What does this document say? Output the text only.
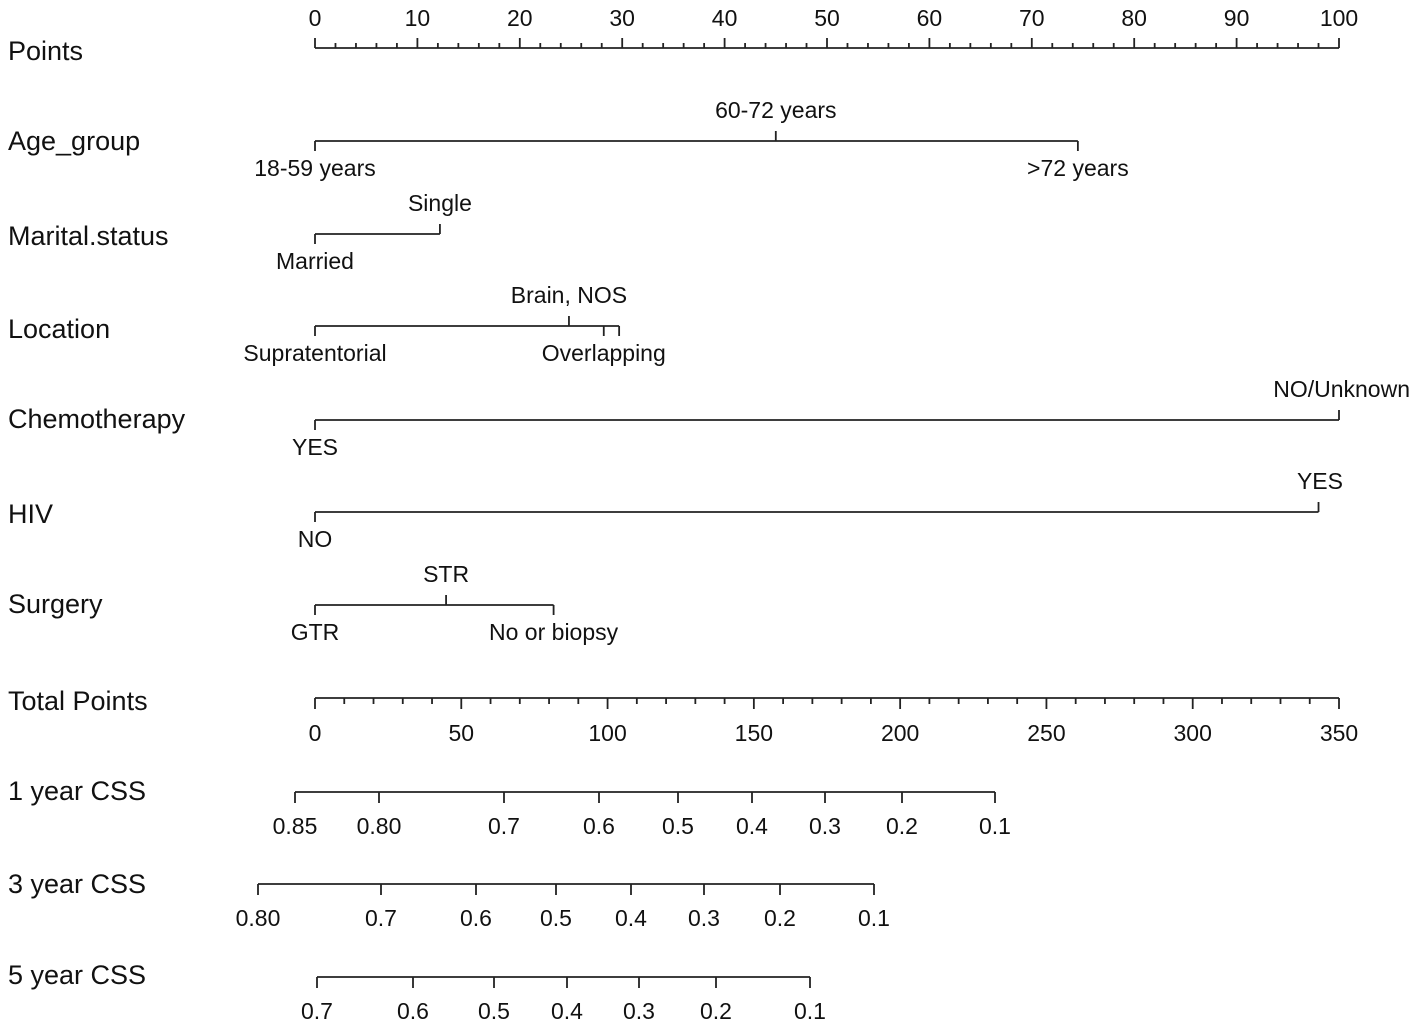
Points
0	10	20	30	40	50	60	70	80	90	100
Age_group
18-59 years
60-72 years
>72 years
Marital.status
Married
Single
Location
Supratentorial
Brain, NOS
Overlapping
Chemotherapy
YES
NO/Unknown
HIV
NO
YES
Surgery
GTR
STR
No or biopsy
Total Points
0	50	100	150	200	250	300	350
1 year CSS
0.85 0.80	0.7	0.6 0.5 0.4 0.3 0.2	0.1
3 year CSS
0.80	0.7	0.6 0.5 0.4 0.3 0.2	0.1
5 year CSS
0.7	0.6 0.5 0.4 0.3 0.2	0.1
